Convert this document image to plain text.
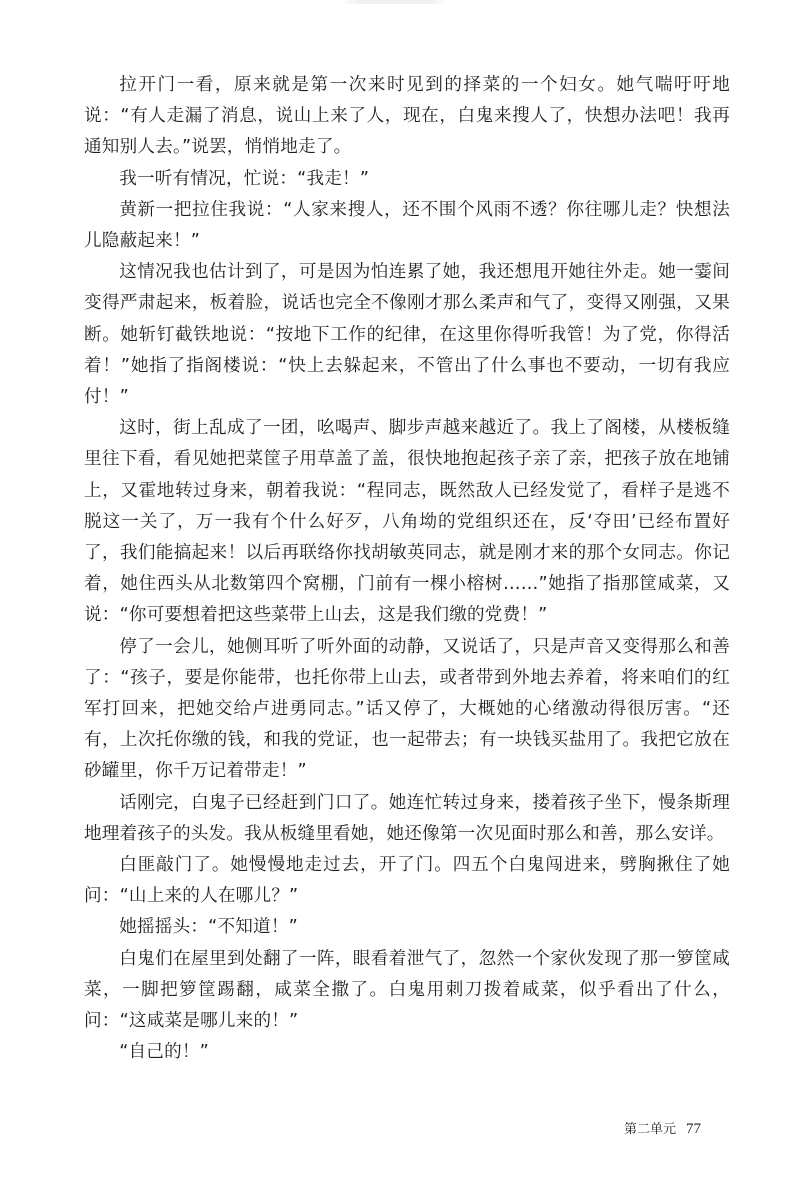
拉开门一看，原来就是第一次来时见到的择菜的一个妇女。她气喘吁吁地说：“有人走漏了消息，说山上来了人，现在，白鬼来搜人了，快想办法吧！我再通知别人去。”说罢，悄悄地走了。

我一听有情况，忙说：“我走！”

黄新一把拉住我说：“人家来搜人，还不围个风雨不透？你往哪儿走？快想法儿隐蔽起来！”

这情况我也估计到了，可是因为怕连累了她，我还想甩开她往外走。她一霎间变得严肃起来，板着脸，说话也完全不像刚才那么柔声和气了，变得又刚强，又果断。她斩钉截铁地说：“按地下工作的纪律，在这里你得听我管！为了党，你得活着！”她指了指阁楼说：“快上去躲起来，不管出了什么事也不要动，一切有我应付！”

这时，街上乱成了一团，吆喝声、脚步声越来越近了。我上了阁楼，从楼板缝里往下看，看见她把菜筐子用草盖了盖，很快地抱起孩子亲了亲，把孩子放在地铺上，又霍地转过身来，朝着我说：“程同志，既然敌人已经发觉了，看样子是逃不脱这一关了，万一我有个什么好歹，八角坳的党组织还在，反‘夺田’已经布置好了，我们能搞起来！以后再联络你找胡敏英同志，就是刚才来的那个女同志。你记着，她住西头从北数第四个窝棚，门前有一棵小榕树……”她指了指那筐咸菜，又说：“你可要想着把这些菜带上山去，这是我们缴的党费！”

停了一会儿，她侧耳听了听外面的动静，又说话了，只是声音又变得那么和善了：“孩子，要是你能带，也托你带上山去，或者带到外地去养着，将来咱们的红军打回来，把她交给卢进勇同志。”话又停了，大概她的心绪激动得很厉害。“还有，上次托你缴的钱，和我的党证，也一起带去；有一块钱买盐用了。我把它放在砂罐里，你千万记着带走！”

话刚完，白鬼子已经赶到门口了。她连忙转过身来，搂着孩子坐下，慢条斯理地理着孩子的头发。我从板缝里看她，她还像第一次见面时那么和善，那么安详。

白匪敲门了。她慢慢地走过去，开了门。四五个白鬼闯进来，劈胸揪住了她问：“山上来的人在哪儿？”

她摇摇头：“不知道！”

白鬼们在屋里到处翻了一阵，眼看着泄气了，忽然一个家伙发现了那一箩筐咸菜，一脚把箩筐踢翻，咸菜全撒了。白鬼用刺刀拨着咸菜，似乎看出了什么，问：“这咸菜是哪儿来的！”

“自己的！”

第二单元 77
